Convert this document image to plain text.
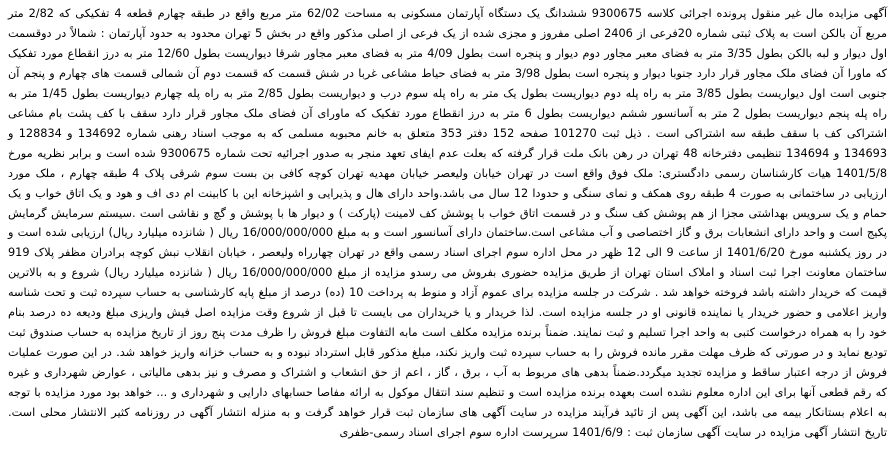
آگهی مزایده مال غیر منقول پرونده اجرائی کلاسه 9300675 ششدانگ یک دستگاه آپارتمان مسکونی به مساحت 62/02 متر مربع واقع در طبقه چهارم قطعه 4 تفکیکی که 2/82 متر مربع آن بالکن است به پلاک ثبتی شماره 20فرعی از 2406 اصلی مفروز و مجزی شده از یک فرعی از اصلی مذکور واقع در بخش 5 تهران محدود به حدود آپارتمان : شمالاً در دوقسمت اول دیوار و لبه بالکن بطول 3/35 متر به فضای معبر مجاور دوم دیوار و پنجره است بطول 4/09 متر به فضای معبر مجاور شرقا دیواریست بطول 12/60 متر به درز انقطاع مورد تفکیک که ماورا آن فضای ملک مجاور قرار دارد جنوبا دیوار و پنجره است بطول 3/98 متر به فضای حیاط مشاعی غربا در شش قسمت که قسمت دوم آن شمالی قسمت های چهارم و پنجم آن جنوبی است اول دیواریست بطول 3/85 متر به راه پله دوم دیواریست بطول یک متر به راه پله سوم درب و دیواریست بطول 2/85 متر به راه پله چهارم دیواریست بطول 1/45 متر به راه پله پنجم دیواریست بطول 2 متر به آسانسور ششم دیواریست بطول 6 متر به درز انقطاع مورد تفکیک که ماورای آن فضای ملک مجاور قرار دارد سقف با کف پشت بام مشاعی اشتراکی کف با سقف طبقه سه اشتراکی است . ذیل ثبت 101270 صفحه 152 دفتر 353 متعلق به خانم محبوبه مسلمی که به موجب اسناد رهنی شماره 134692 و 128834 و 134693 و 134694 تنظیمی دفترخانه 48 تهران در رهن بانک ملت قرار گرفته که بعلت عدم ایفای تعهد منجر به صدور اجرائیه تحت شماره 9300675 شده است و برابر نظریه مورخ 1401/5/8 هیات کارشناسان رسمی دادگستری: ملک فوق واقع است در تهران خیابان ولیعصر خیابان مهدیه تهران کوچه کافی بن بست سوم شرقی پلاک 4 طبقه چهارم ، ملک مورد ارزیابی در ساختمانی به صورت 4 طبقه روی همکف و نمای سنگی و حدودا 12 سال می باشد.واحد دارای هال و پذیرایی و اشپزخانه این با کابینت ام دی اف و هود و یک اتاق خواب و یک حمام و یک سرویس بهداشتی مجزا از هم پوشش کف سنگ و در قسمت اتاق خواب با پوشش کف لامینت (پارکت ) و دیوار ها با پوشش و گچ و نقاشی است .سیستم سرمایش گرمایش پکیج است و واحد دارای انشعابات برق و گاز اختصاصی و آب مشاعی است.ساختمان دارای آسانسور است و به مبلغ 16/000/000/000 ریال ( شانزده میلیارد ریال) ارزیابی شده است و در روز یکشنبه مورخ 1401/6/20 از ساعت 9 الی 12 ظهر در محل اداره سوم اجرای اسناد رسمی واقع در تهران چهارراه ولیعصر ، خیابان انقلاب نبش کوچه برادران مظفر پلاک 919 ساختمان معاونت اجرا ثبت اسناد و املاک استان تهران از طریق مزایده حضوری بفروش می رسدو مزایده از مبلغ 16/000/000/000 ریال ( شانزده میلیارد ریال) شروع و به بالاترین قیمت که خریدار داشته باشد فروخته خواهد شد . شرکت در جلسه مزایده برای عموم آزاد و منوط به پرداخت 10 (ده) درصد از مبلغ پایه کارشناسی به حساب سپرده ثبت و تحت شناسه واریز اعلامی و حضور خریدار یا نماینده قانونی او در جلسه مزایده است. لذا خریدار و یا خریداران می بایست تا قبل از شروع وقت مزایده اصل فیش واریزی مبلغ ودیعه ده درصد بنام خود را به همراه درخواست کتبی به واحد اجرا تسلیم و ثبت نمایند. ضمناً برنده مزایده مکلف است مابه التفاوت مبلغ فروش را ظرف مدت پنج روز از تاریخ مزایده به حساب صندوق ثبت تودیع نماید و در صورتی که ظرف مهلت مقرر مانده فروش را به حساب سپرده ثبت واریز نکند، مبلغ مذکور قابل استرداد نبوده و به حساب خزانه واریز خواهد شد. در این صورت عملیات فروش از درجه اعتبار ساقط و مزایده تجدید میگردد.ضمناً بدهی های مربوط به آب ، برق ، گاز ، اعم از حق انشعاب و اشتراک و مصرف و نیز بدهی مالیاتی ، عوارض شهرداری و غیره که رقم قطعی آنها برای این اداره معلوم نشده است بعهده برنده مزایده است و تنظیم سند انتقال موکول به ارائه مفاصا حسابهای دارایی و شهرداری و ... خواهد بود مورد مزایده با توجه به اعلام بستانکار بیمه می باشد، این آگهی پس از تائید فرآیند مزایده در سایت آگهی های سازمان ثبت قرار خواهد گرفت و به منزله انتشار آگهی در روزنامه کثیر الانتشار محلی است. تاریخ انتشار آگهی مزایده در سایت آگهی سازمان ثبت : 1401/6/9 سرپرست اداره سوم اجرای اسناد رسمی-ظفری
